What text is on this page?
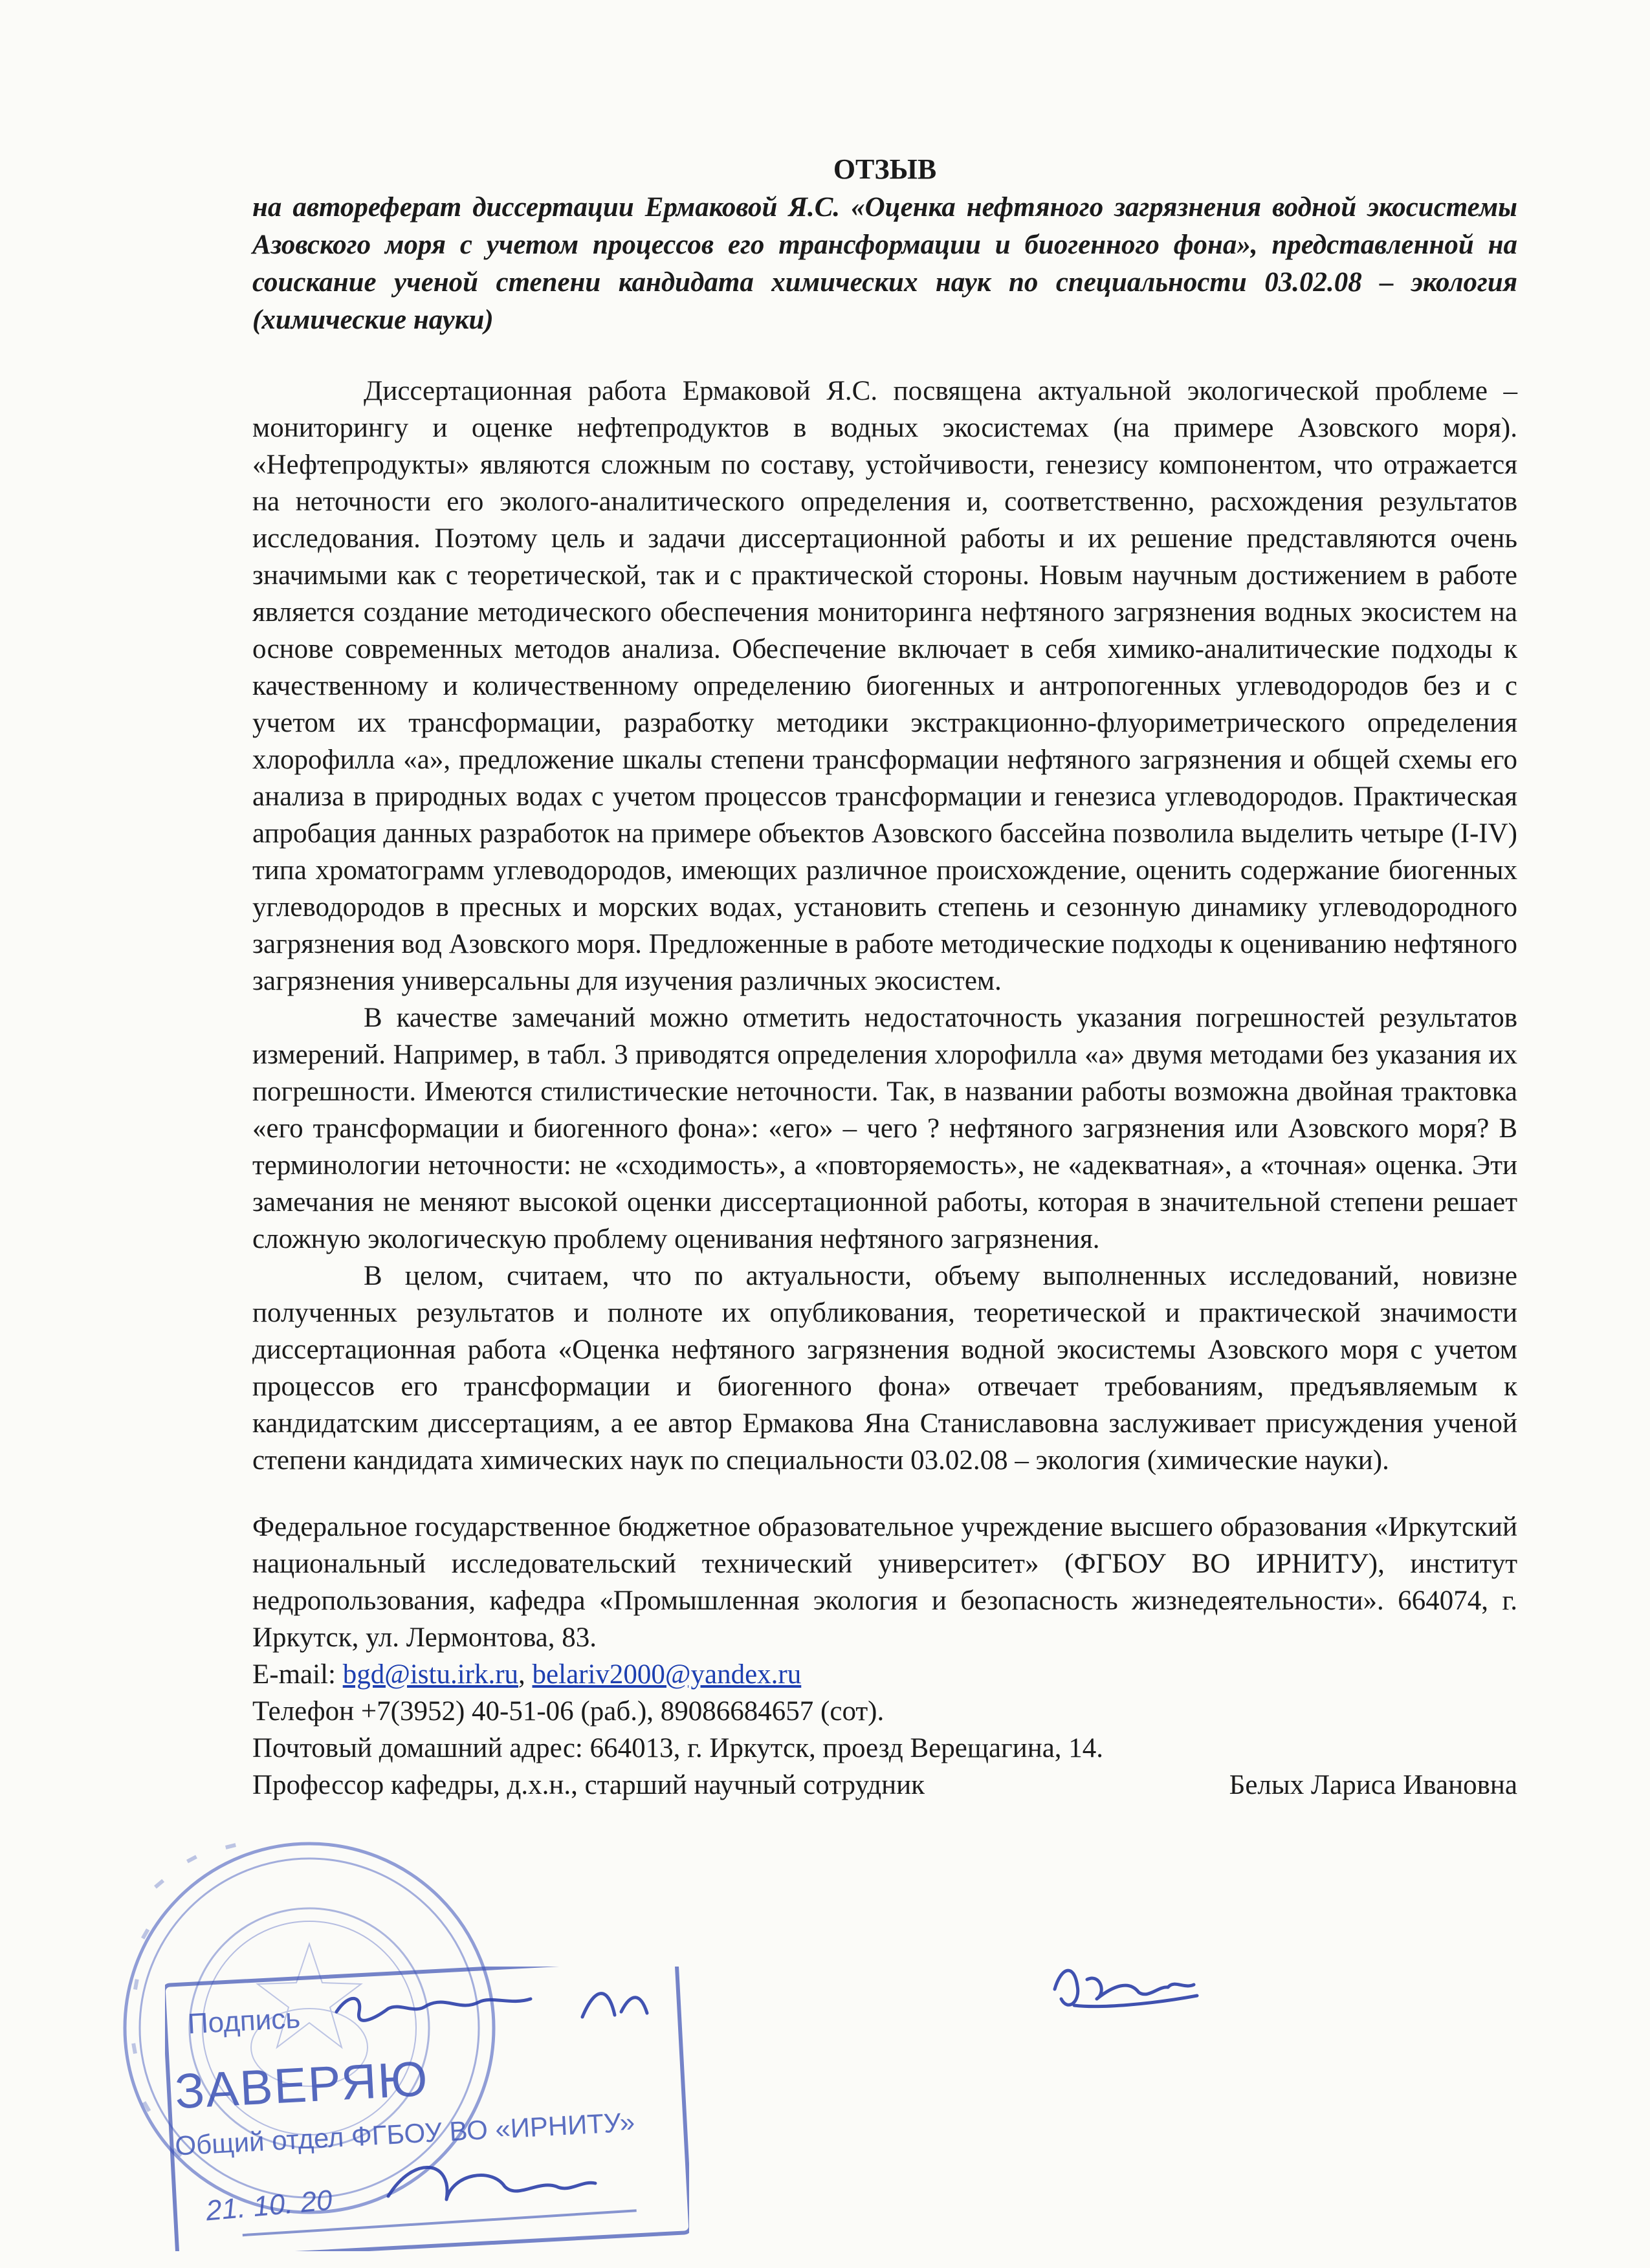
ОТЗЫВ

на автореферат диссертации Ермаковой Я.С. «Оценка нефтяного загрязнения водной экосистемы Азовского моря с учетом процессов его трансформации и биогенного фона», представленной на соискание ученой степени кандидата химических наук по специальности 03.02.08 – экология (химические науки)

Диссертационная работа Ермаковой Я.С. посвящена актуальной экологической проблеме – мониторингу и оценке нефтепродуктов в водных экосистемах (на примере Азовского моря). «Нефтепродукты» являются сложным по составу, устойчивости, генезису компонентом, что отражается на неточности его эколого-аналитического определения и, соответственно, расхождения результатов исследования. Поэтому цель и задачи диссертационной работы и их решение представляются очень значимыми как с теоретической, так и с практической стороны. Новым научным достижением в работе является создание методического обеспечения мониторинга нефтяного загрязнения водных экосистем на основе современных методов анализа. Обеспечение включает в себя химико-аналитические подходы к качественному и количественному определению биогенных и антропогенных углеводородов без и с учетом их трансформации, разработку методики экстракционно-флуориметрического определения хлорофилла «а», предложение шкалы степени трансформации нефтяного загрязнения и общей схемы его анализа в природных водах с учетом процессов трансформации и генезиса углеводородов. Практическая апробация данных разработок на примере объектов Азовского бассейна позволила выделить четыре (I-IV) типа хроматограмм углеводородов, имеющих различное происхождение, оценить содержание биогенных углеводородов в пресных и морских водах, установить степень и сезонную динамику углеводородного загрязнения вод Азовского моря. Предложенные в работе методические подходы к оцениванию нефтяного загрязнения универсальны для изучения различных экосистем.

В качестве замечаний можно отметить недостаточность указания погрешностей результатов измерений. Например, в табл. 3 приводятся определения хлорофилла «а» двумя методами без указания их погрешности. Имеются стилистические неточности. Так, в названии работы возможна двойная трактовка «его трансформации и биогенного фона»: «его» – чего ? нефтяного загрязнения или Азовского моря? В терминологии неточности: не «сходимость», а «повторяемость», не «адекватная», а «точная» оценка. Эти замечания не меняют высокой оценки диссертационной работы, которая в значительной степени решает сложную экологическую проблему оценивания нефтяного загрязнения.

В целом, считаем, что по актуальности, объему выполненных исследований, новизне полученных результатов и полноте их опубликования, теоретической и практической значимости диссертационная работа «Оценка нефтяного загрязнения водной экосистемы Азовского моря с учетом процессов его трансформации и биогенного фона» отвечает требованиям, предъявляемым к кандидатским диссертациям, а ее автор Ермакова Яна Станиславовна заслуживает присуждения ученой степени кандидата химических наук по специальности 03.02.08 – экология (химические науки).

Федеральное государственное бюджетное образовательное учреждение высшего образования «Иркутский национальный исследовательский технический университет» (ФГБОУ ВО ИРНИТУ), институт недропользования, кафедра «Промышленная экология и безопасность жизнедеятельности». 664074, г. Иркутск, ул. Лермонтова, 83.

E-mail: bgd@istu.irk.ru, belariv2000@yandex.ru

Телефон +7(3952) 40-51-06 (раб.), 89086684657 (сот).

Почтовый домашний адрес: 664013, г. Иркутск, проезд Верещагина, 14.

Профессор кафедры, д.х.н., старший научный сотрудник	Белых Лариса Ивановна

Подпись
ЗАВЕРЯЮ
Общий отдел ФГБОУ ВО «ИРНИТУ»
21. 10. 20
